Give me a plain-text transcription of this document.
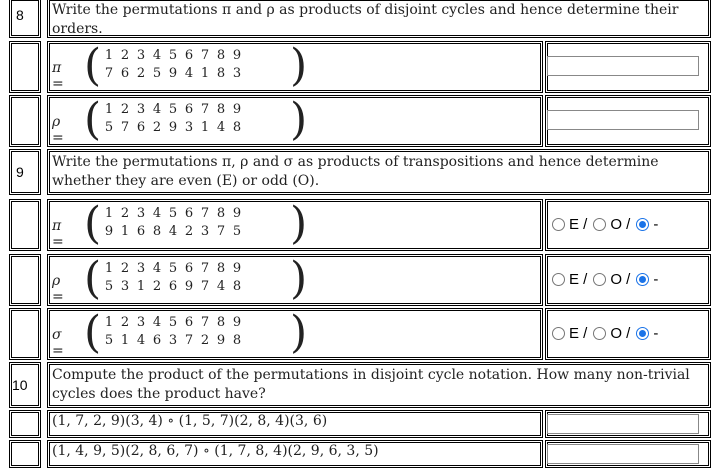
8 Write the permutations π and ρ as products of disjoint cycles and hence determine their orders.
π = ( 1 2 3 4 5 6 7 8 9
7 6 2 5 9 4 1 8 3 )
ρ = ( 1 2 3 4 5 6 7 8 9
5 7 6 2 9 3 1 4 8 )
9
Write the permutations π, ρ and σ as products of transpositions and hence determine whether they are even (E) or odd (O).
π = ( 1 2 3 4 5 6 7 8 9
9 1 6 8 4 2 3 7 5 )	E / O / -
ρ = ( 1 2 3 4 5 6 7 8 9
5 3 1 2 6 9 7 4 8 )	E / O / -
σ = ( 1 2 3 4 5 6 7 8 9
5 1 4 6 3 7 2 9 8 )	E / O / -
10
Compute the product of the permutations in disjoint cycle notation. How many non-trivial cycles does the product have?
(1, 7, 2, 9)(3, 4) ∘ (1, 5, 7)(2, 8, 4)(3, 6)
(1, 4, 9, 5)(2, 8, 6, 7) ∘ (1, 7, 8, 4)(2, 9, 6, 3, 5)
